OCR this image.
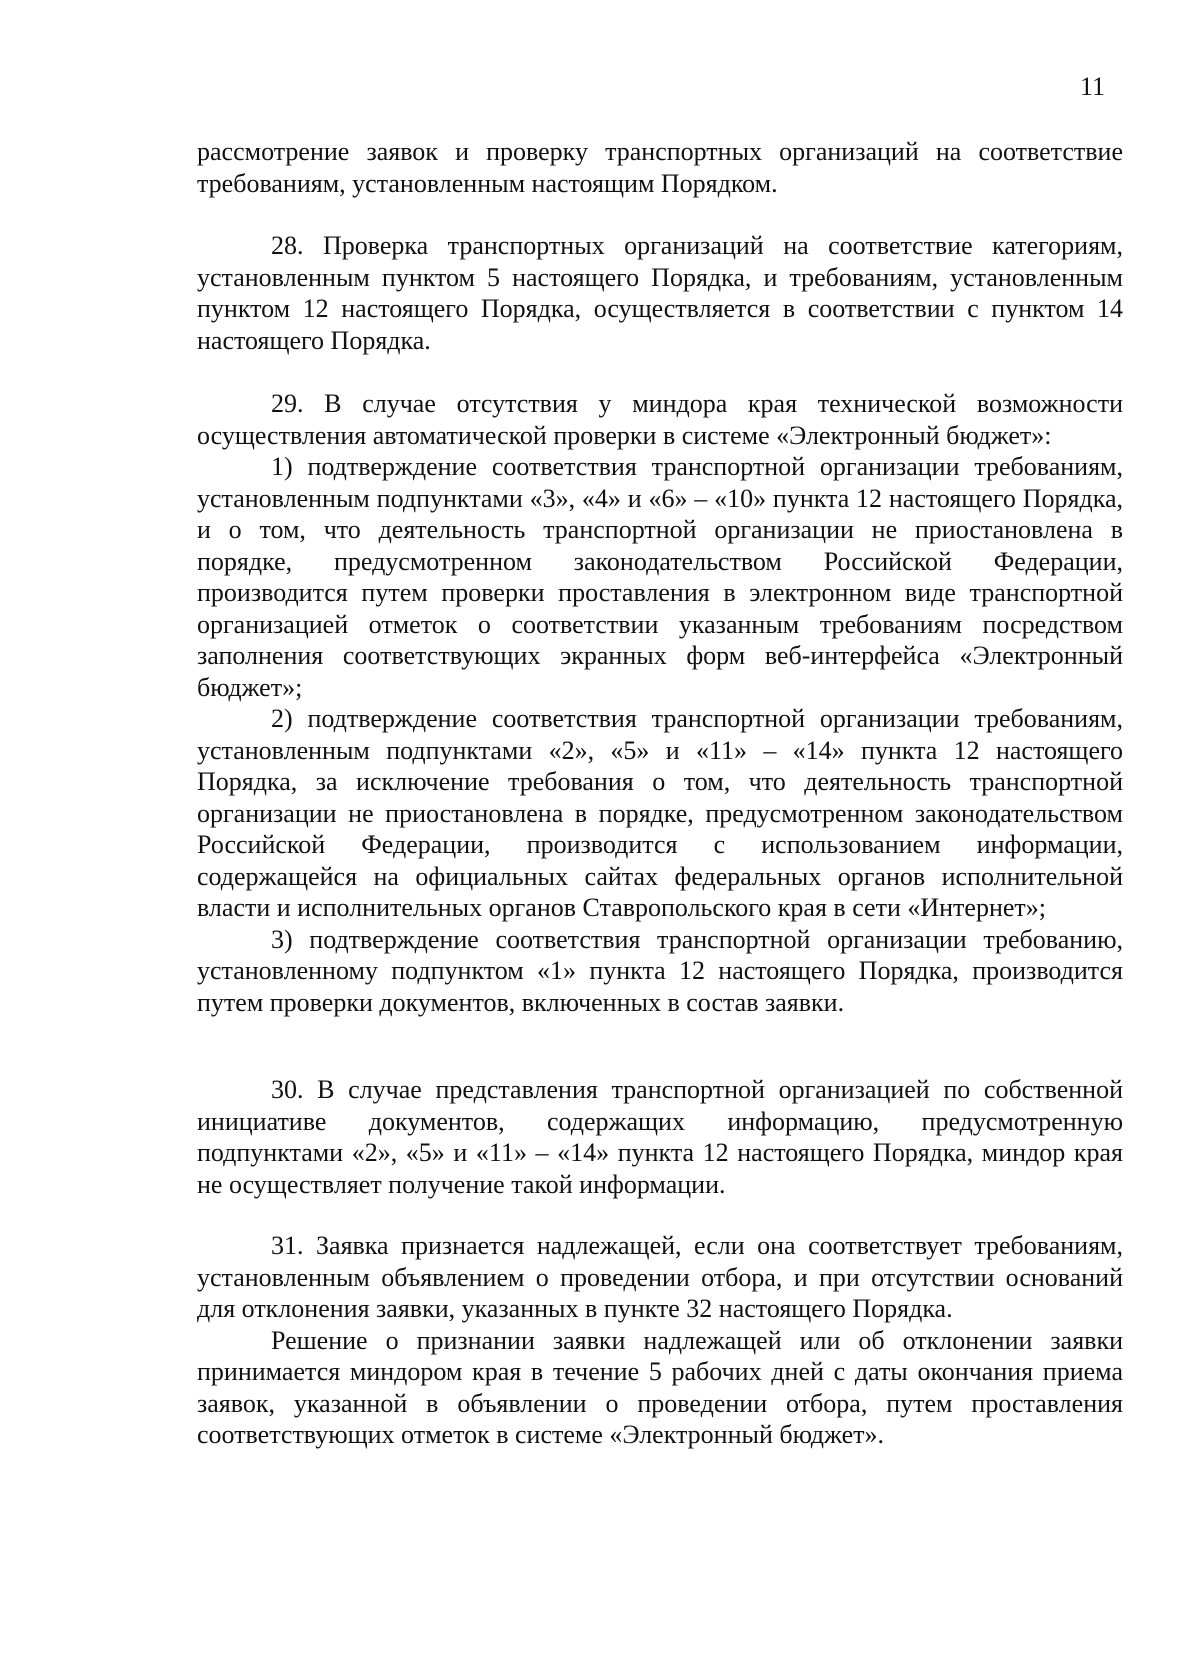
11

рассмотрение заявок и проверку транспортных организаций на соответствие требованиям, установленным настоящим Порядком.

28. Проверка транспортных организаций на соответствие категориям, установленным пунктом 5 настоящего Порядка, и требованиям, установленным пунктом 12 настоящего Порядка, осуществляется в соответствии с пунктом 14 настоящего Порядка.

29. В случае отсутствия у миндора края технической возможности осуществления автоматической проверки в системе «Электронный бюджет»:

1) подтверждение соответствия транспортной организации требованиям, установленным подпунктами «3», «4» и «6» – «10» пункта 12 настоящего Порядка, и о том, что деятельность транспортной организации не приостановлена в порядке, предусмотренном законодательством Российской Федерации, производится путем проверки проставления в электронном виде транспортной организацией отметок о соответствии указанным требованиям посредством заполнения соответствующих экранных форм веб-интерфейса «Электронный бюджет»;

2) подтверждение соответствия транспортной организации требованиям, установленным подпунктами «2», «5» и «11» – «14» пункта 12 настоящего Порядка, за исключение требования о том, что деятельность транспортной организации не приостановлена в порядке, предусмотренном законодательством Российской Федерации, производится с использованием информации, содержащейся на официальных сайтах федеральных органов исполнительной власти и исполнительных органов Ставропольского края в сети «Интернет»;

3) подтверждение соответствия транспортной организации требованию, установленному подпунктом «1» пункта 12 настоящего Порядка, производится путем проверки документов, включенных в состав заявки.

30. В случае представления транспортной организацией по собственной инициативе документов, содержащих информацию, предусмотренную подпунктами «2», «5» и «11» – «14» пункта 12 настоящего Порядка, миндор края не осуществляет получение такой информации.

31. Заявка признается надлежащей, если она соответствует требованиям, установленным объявлением о проведении отбора, и при отсутствии оснований для отклонения заявки, указанных в пункте 32 настоящего Порядка.

Решение о признании заявки надлежащей или об отклонении заявки принимается миндором края в течение 5 рабочих дней с даты окончания приема заявок, указанной в объявлении о проведении отбора, путем проставления соответствующих отметок в системе «Электронный бюджет».
